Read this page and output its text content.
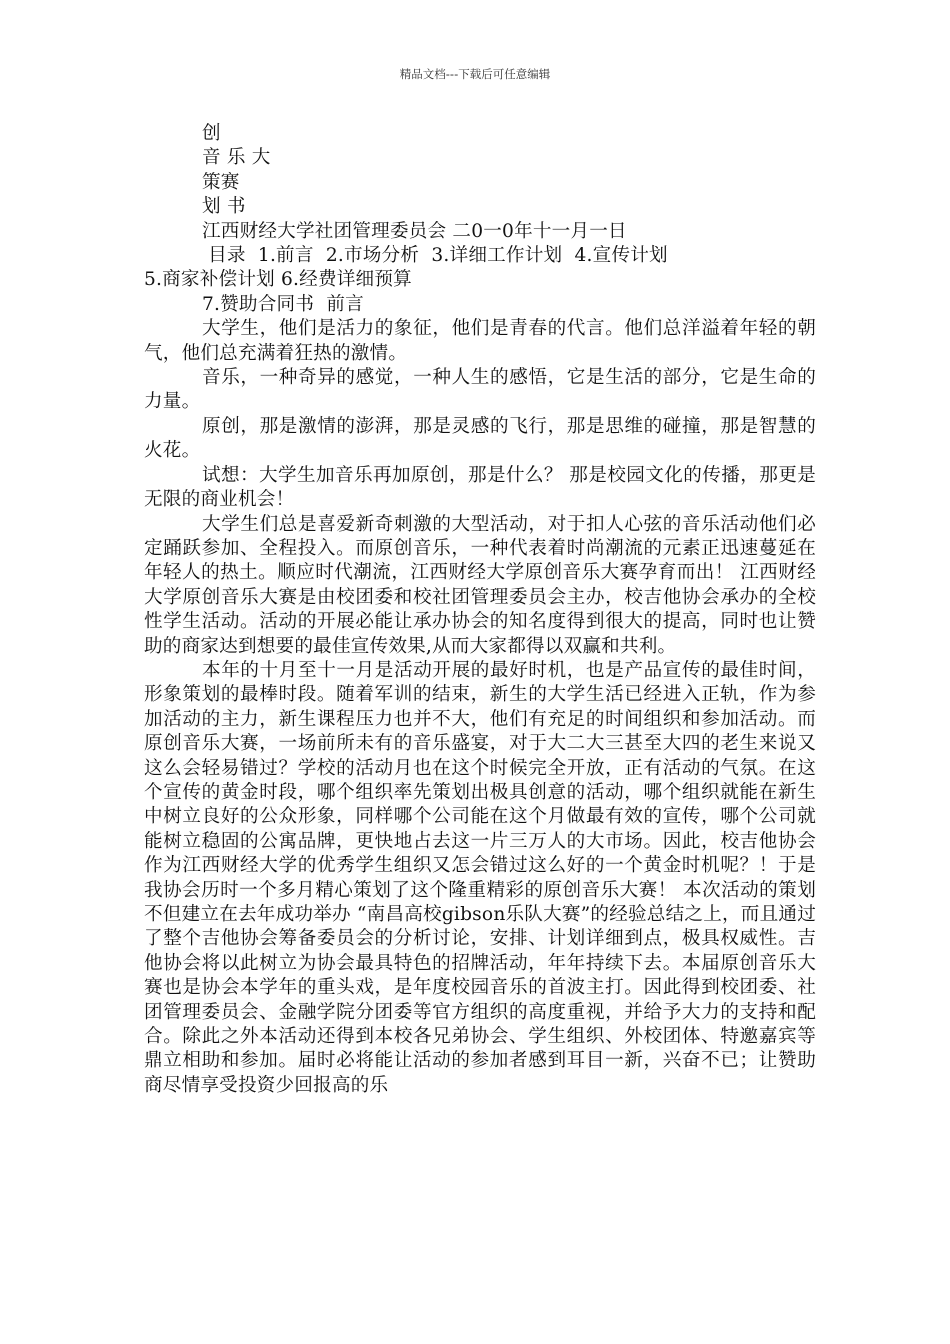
精品文档---下载后可任意编辑
创
音 乐 大
策赛
划 书
江西财经大学社团管理委员会 二0一0年十一月一日
目录  1.前言  2.市场分析  3.详细工作计划  4.宣传计划
5.商家补偿计划 6.经费详细预算
7.赞助合同书  前言
大学生，他们是活力的象征，他们是青春的代言。他们总洋溢着年轻的朝气，他们总充满着狂热的激情。
音乐，一种奇异的感觉，一种人生的感悟，它是生活的部分，它是生命的力量。
原创，那是激情的澎湃，那是灵感的飞行，那是思维的碰撞，那是智慧的火花。
试想：大学生加音乐再加原创，那是什么？ 那是校园文化的传播，那更是无限的商业机会！
大学生们总是喜爱新奇刺激的大型活动，对于扣人心弦的音乐活动他们必定踊跃参加、全程投入。而原创音乐，一种代表着时尚潮流的元素正迅速蔓延在年轻人的热土。顺应时代潮流，江西财经大学原创音乐大赛孕育而出！ 江西财经大学原创音乐大赛是由校团委和校社团管理委员会主办，校吉他协会承办的全校性学生活动。活动的开展必能让承办协会的知名度得到很大的提高，同时也让赞助的商家达到想要的最佳宣传效果,从而大家都得以双赢和共利。
本年的十月至十一月是活动开展的最好时机，也是产品宣传的最佳时间，形象策划的最棒时段。随着军训的结束，新生的大学生活已经进入正轨，作为参加活动的主力，新生课程压力也并不大，他们有充足的时间组织和参加活动。而原创音乐大赛，一场前所未有的音乐盛宴，对于大二大三甚至大四的老生来说又这么会轻易错过？学校的活动月也在这个时候完全开放，正有活动的气氛。在这个宣传的黄金时段，哪个组织率先策划出极具创意的活动，哪个组织就能在新生中树立良好的公众形象，同样哪个公司能在这个月做最有效的宣传，哪个公司就能树立稳固的公寓品牌，更快地占去这一片三万人的大市场。因此，校吉他协会作为江西财经大学的优秀学生组织又怎会错过这么好的一个黄金时机呢？！于是我协会历时一个多月精心策划了这个隆重精彩的原创音乐大赛！ 本次活动的策划不但建立在去年成功举办 “南昌高校gibson乐队大赛”的经验总结之上，而且通过了整个吉他协会筹备委员会的分析讨论，安排、计划详细到点，极具权威性。吉他协会将以此树立为协会最具特色的招牌活动，年年持续下去。本届原创音乐大赛也是协会本学年的重头戏，是年度校园音乐的首波主打。因此得到校团委、社团管理委员会、金融学院分团委等官方组织的高度重视，并给予大力的支持和配合。除此之外本活动还得到本校各兄弟协会、学生组织、外校团体、特邀嘉宾等鼎立相助和参加。届时必将能让活动的参加者感到耳目一新，兴奋不已；让赞助商尽情享受投资少回报高的乐
